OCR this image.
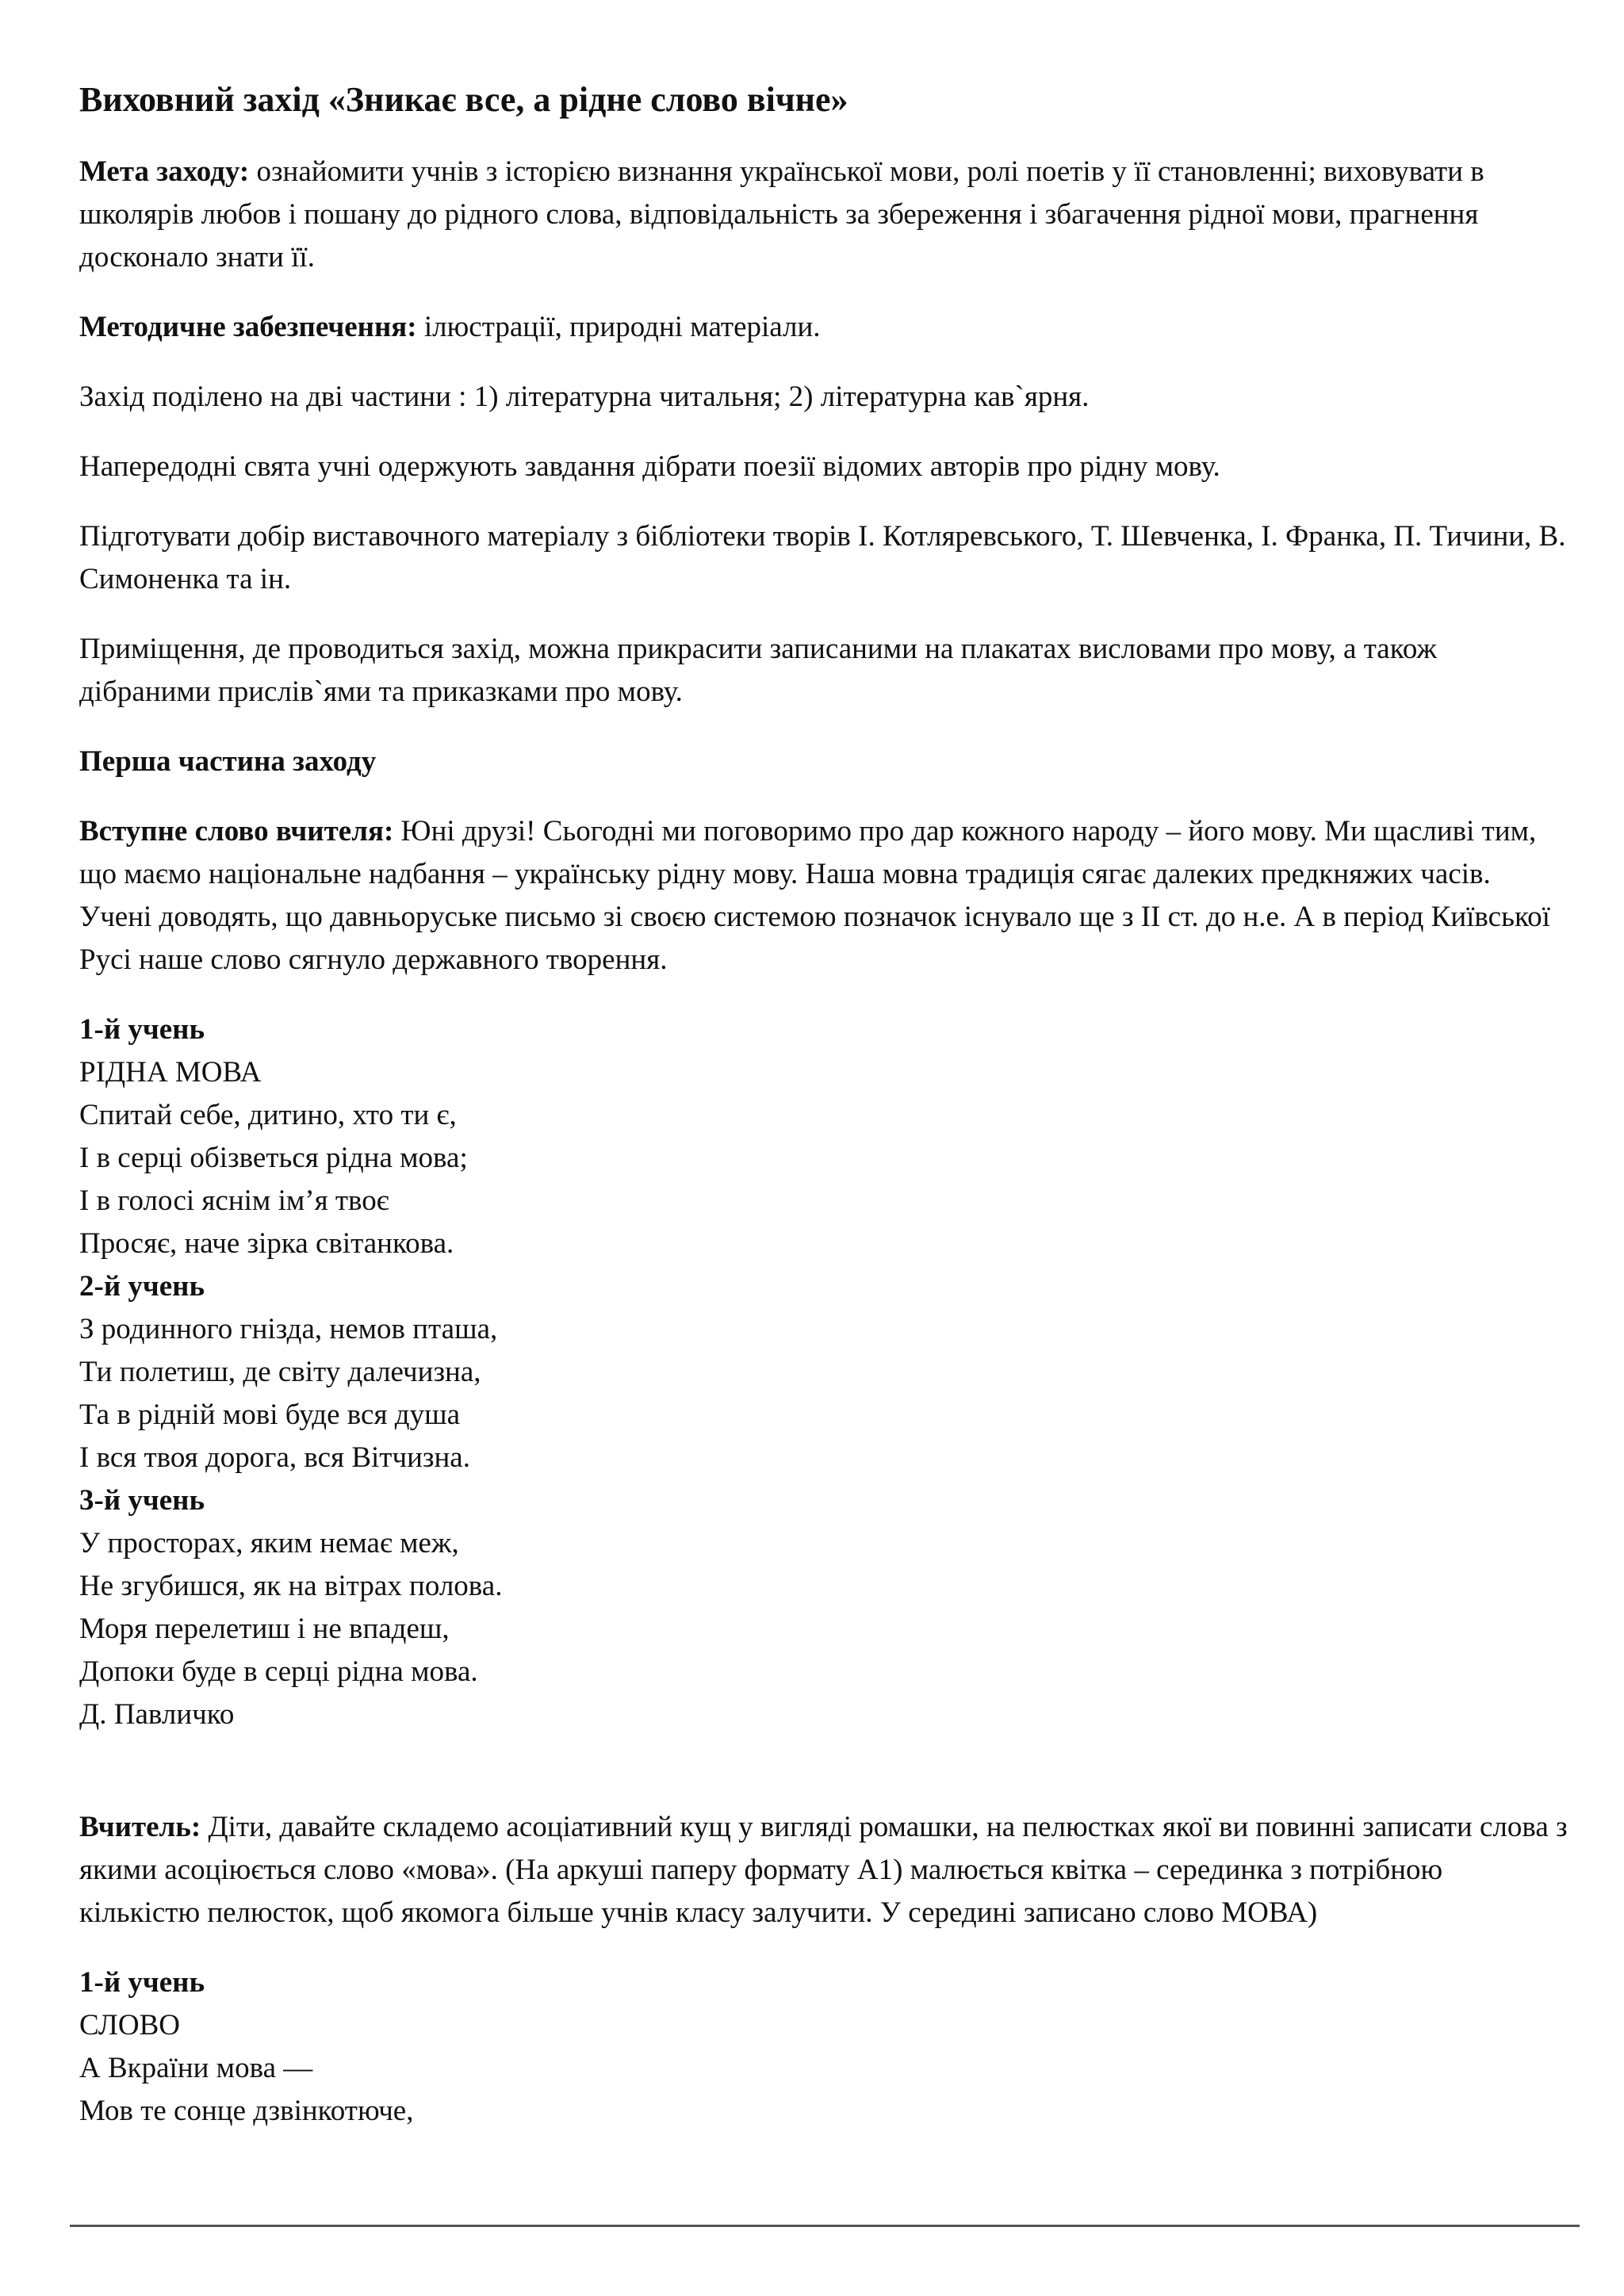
Виховний захід «Зникає все, а рідне слово вічне»

Мета заходу: ознайомити учнів з історією визнання української мови, ролі поетів у її становленні; виховувати в школярів любов і пошану до рідного слова, відповідальність за збереження і збагачення рідної мови, прагнення досконало знати її.

Методичне забезпечення: ілюстрації, природні матеріали.

Захід поділено на дві частини : 1) літературна читальня; 2) літературна кав`ярня.

Напередодні свята учні одержують завдання дібрати поезії відомих авторів про рідну мову.

Підготувати добір виставочного матеріалу з бібліотеки творів І. Котляревського, Т. Шевченка, І. Франка, П. Тичини, В. Симоненка та ін.

Приміщення, де проводиться захід, можна прикрасити записаними на плакатах висловами про мову, а також дібраними прислів`ями та приказками про мову.

Перша частина заходу

Вступне слово вчителя: Юні друзі! Сьогодні ми поговоримо про дар кожного народу – його мову. Ми щасливі тим, що маємо національне надбання – українську рідну мову. Наша мовна традиція сягає далеких предкняжих часів. Учені доводять, що давньоруське письмо зі своєю системою позначок існувало ще з ІІ ст. до н.е. А в період Київської Русі наше слово сягнуло державного творення.

1-й учень
РІДНА МОВА
Спитай себе, дитино, хто ти є,
І в серці обізветься рідна мова;
І в голосі яснім ім’я твоє
Просяє, наче зірка світанкова.
2-й учень
З родинного гнізда, немов пташа,
Ти полетиш, де світу далечизна,
Та в рідній мові буде вся душа
І вся твоя дорога, вся Вітчизна.
3-й учень
У просторах, яким немає меж,
Не згубишся, як на вітрах полова.
Моря перелетиш і не впадеш,
Допоки буде в серці рідна мова.
Д. Павличко

Вчитель: Діти, давайте складемо асоціативний кущ у вигляді ромашки, на пелюстках якої ви повинні записати слова з якими асоціюється слово «мова». (На аркуші паперу формату А1) малюється квітка – серединка з потрібною кількістю пелюсток, щоб якомога більше учнів класу залучити. У середині записано слово МОВА)

1-й учень
СЛОВО
А Вкраїни мова —
Мов те сонце дзвінкотюче,
